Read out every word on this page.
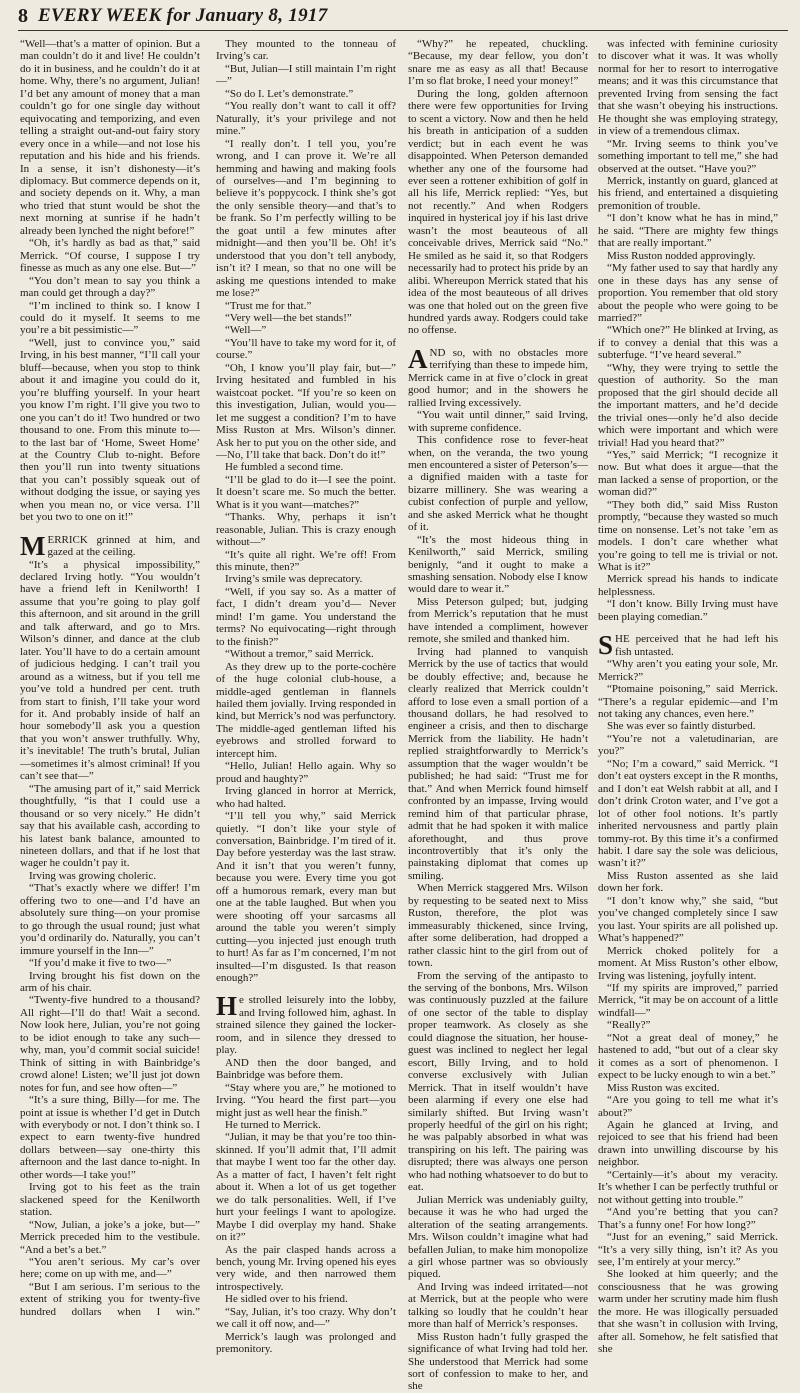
8 EVERY WEEK for January 8, 1917

“Well—that’s a matter of opinion. But a man couldn’t do it and live! He couldn’t do it in business, and he couldn’t do it at home. Why, there’s no argument, Julian! I’d bet any amount of money that a man couldn’t go for one single day without equivocating and temporizing, and even telling a straight out-and-out fairy story every once in a while—and not lose his reputation and his hide and his friends. In a sense, it isn’t dishonesty—it’s diplomacy. But commerce depends on it, and society depends on it. Why, a man who tried that stunt would be shot the next morning at sunrise if he hadn’t already been lynched the night before!”

“Oh, it’s hardly as bad as that,” said Merrick. “Of course, I suppose I try finesse as much as any one else. But—”

“You don’t mean to say you think a man could get through a day?”

“I’m inclined to think so. I know I could do it myself. It seems to me you’re a bit pessimistic—”

“Well, just to convince you,” said Irving, in his best manner, “I’ll call your bluff—because, when you stop to think about it and imagine you could do it, you’re bluffing yourself. In your heart you know I’m right. I’ll give you two to one you can’t do it! Two hundred or two thousand to one. From this minute to—to the last bar of ‘Home, Sweet Home’ at the Country Club to-night. Before then you’ll run into twenty situations that you can’t possibly squeak out of without dodging the issue, or saying yes when you mean no, or vice versa. I’ll bet you two to one on it!”

MERRICK grinned at him, and gazed at the ceiling.

“It’s a physical impossibility,” declared Irving hotly. “You wouldn’t have a friend left in Kenilworth! I assume that you’re going to play golf this afternoon, and sit around in the grill and talk afterward, and go to Mrs. Wilson’s dinner, and dance at the club later. You’ll have to do a certain amount of judicious hedging. I can’t trail you around as a witness, but if you tell me you’ve told a hundred per cent. truth from start to finish, I’ll take your word for it. And probably inside of half an hour somebody’ll ask you a question that you won’t answer truthfully. Why, it’s inevitable! The truth’s brutal, Julian—sometimes it’s almost criminal! If you can’t see that—”

“The amusing part of it,” said Merrick thoughtfully, “is that I could use a thousand or so very nicely.” He didn’t say that his available cash, according to his latest bank balance, amounted to nineteen dollars, and that if he lost that wager he couldn’t pay it.

Irving was growing choleric.

“That’s exactly where we differ! I’m offering two to one—and I’d have an absolutely sure thing—on your promise to go through the usual round; just what you’d ordinarily do. Naturally, you can’t immure yourself in the Inn—”

“If you’d make it five to two—”

Irving brought his fist down on the arm of his chair.

“Twenty-five hundred to a thousand? All right—I’ll do that! Wait a second. Now look here, Julian, you’re not going to be idiot enough to take any such—why, man, you’d commit social suicide! Think of sitting in with Bainbridge’s crowd alone! Listen; we’ll just jot down notes for fun, and see how often—”

“It’s a sure thing, Billy—for me. The point at issue is whether I’d get in Dutch with everybody or not. I don’t think so. I expect to earn twenty-five hundred dollars between—say one-thirty this afternoon and the last dance to-night. In other words—I take you!”

Irving got to his feet as the train slackened speed for the Kenilworth station.

“Now, Julian, a joke’s a joke, but—” Merrick preceded him to the vestibule. “And a bet’s a bet.”

“You aren’t serious. My car’s over here; come on up with me, and—”

“But I am serious. I’m serious to the extent of striking you for twenty-five hundred dollars when I win.”

They mounted to the tonneau of Irving’s car.

“But, Julian—I still maintain I’m right—”

“So do I. Let’s demonstrate.”

“You really don’t want to call it off? Naturally, it’s your privilege and not mine.”

“I really don’t. I tell you, you’re wrong, and I can prove it. We’re all hemming and hawing and making fools of ourselves—and I’m beginning to believe it’s poppycock. I think she’s got the only sensible theory—and that’s to be frank. So I’m perfectly willing to be the goat until a few minutes after midnight—and then you’ll be. Oh! it’s understood that you don’t tell anybody, isn’t it? I mean, so that no one will be asking me questions intended to make me lose?”

“Trust me for that.”

“Very well—the bet stands!”

“Well—”

“You’ll have to take my word for it, of course.”

“Oh, I know you’ll play fair, but—” Irving hesitated and fumbled in his waistcoat pocket. “If you’re so keen on this investigation, Julian, would you—let me suggest a condition? I’m to have Miss Ruston at Mrs. Wilson’s dinner. Ask her to put you on the other side, and—No, I’ll take that back. Don’t do it!”

He fumbled a second time.

“I’ll be glad to do it—I see the point. It doesn’t scare me. So much the better. What is it you want—matches?”

“Thanks. Why, perhaps it isn’t reasonable, Julian. This is crazy enough without—”

“It’s quite all right. We’re off! From this minute, then?”

Irving’s smile was deprecatory.

“Well, if you say so. As a matter of fact, I didn’t dream you’d— Never mind! I’m game. You understand the terms? No equivocating—right through to the finish?”

“Without a tremor,” said Merrick.

As they drew up to the porte-cochère of the huge colonial club-house, a middle-aged gentleman in flannels hailed them jovially. Irving responded in kind, but Merrick’s nod was perfunctory. The middle-aged gentleman lifted his eyebrows and strolled forward to intercept him.

“Hello, Julian! Hello again. Why so proud and haughty?”

Irving glanced in horror at Merrick, who had halted.

“I’ll tell you why,” said Merrick quietly. “I don’t like your style of conversation, Bainbridge. I’m tired of it. Day before yesterday was the last straw. And it isn’t that you weren’t funny, because you were. Every time you got off a humorous remark, every man but one at the table laughed. But when you were shooting off your sarcasms all around the table you weren’t simply cutting—you injected just enough truth to hurt! As far as I’m concerned, I’m not insulted—I’m disgusted. Is that reason enough?”

He strolled leisurely into the lobby, and Irving followed him, aghast. In strained silence they gained the locker-room, and in silence they dressed to play.

AND then the door banged, and Bainbridge was before them.

“Stay where you are,” he motioned to Irving. “You heard the first part—you might just as well hear the finish.”

He turned to Merrick.

“Julian, it may be that you’re too thin-skinned. If you’ll admit that, I’ll admit that maybe I went too far the other day. As a matter of fact, I haven’t felt right about it. When a lot of us get together we do talk personalities. Well, if I’ve hurt your feelings I want to apologize. Maybe I did overplay my hand. Shake on it?”

As the pair clasped hands across a bench, young Mr. Irving opened his eyes very wide, and then narrowed them introspectively.

He sidled over to his friend.

“Say, Julian, it’s too crazy. Why don’t we call it off now, and—”

Merrick’s laugh was prolonged and premonitory.

“Why?” he repeated, chuckling. “Because, my dear fellow, you don’t snare me as easy as all that! Because I’m so flat broke, I need your money!”

During the long, golden afternoon there were few opportunities for Irving to scent a victory. Now and then he held his breath in anticipation of a sudden verdict; but in each event he was disappointed. When Peterson demanded whether any one of the foursome had ever seen a rottener exhibition of golf in all his life, Merrick replied: “Yes, but not recently.” And when Rodgers inquired in hysterical joy if his last drive wasn’t the most beauteous of all conceivable drives, Merrick said “No.” He smiled as he said it, so that Rodgers necessarily had to protect his pride by an alibi. Whereupon Merrick stated that his idea of the most beauteous of all drives was one that holed out on the green five hundred yards away. Rodgers could take no offense.

AND so, with no obstacles more terrifying than these to impede him, Merrick came in at five o’clock in great good humor; and in the showers he rallied Irving excessively.

“You wait until dinner,” said Irving, with supreme confidence.

This confidence rose to fever-heat when, on the veranda, the two young men encountered a sister of Peterson’s—a dignified maiden with a taste for bizarre millinery. She was wearing a cubist confection of purple and yellow, and she asked Merrick what he thought of it.

“It’s the most hideous thing in Kenilworth,” said Merrick, smiling benignly, “and it ought to make a smashing sensation. Nobody else I know would dare to wear it.”

Miss Peterson gulped; but, judging from Merrick’s reputation that he must have intended a compliment, however remote, she smiled and thanked him.

Irving had planned to vanquish Merrick by the use of tactics that would be doubly effective; and, because he clearly realized that Merrick couldn’t afford to lose even a small portion of a thousand dollars, he had resolved to engineer a crisis, and then to discharge Merrick from the liability. He hadn’t replied straightforwardly to Merrick’s assumption that the wager wouldn’t be published; he had said: “Trust me for that.” And when Merrick found himself confronted by an impasse, Irving would remind him of that particular phrase, admit that he had spoken it with malice aforethought, and thus prove incontrovertibly that it’s only the painstaking diplomat that comes up smiling.

When Merrick staggered Mrs. Wilson by requesting to be seated next to Miss Ruston, therefore, the plot was immeasurably thickened, since Irving, after some deliberation, had dropped a rather classic hint to the girl from out of town.

From the serving of the antipasto to the serving of the bonbons, Mrs. Wilson was continuously puzzled at the failure of one sector of the table to display proper teamwork. As closely as she could diagnose the situation, her house-guest was inclined to neglect her legal escort, Billy Irving, and to hold converse exclusively with Julian Merrick. That in itself wouldn’t have been alarming if every one else had similarly shifted. But Irving wasn’t properly heedful of the girl on his right; he was palpably absorbed in what was transpiring on his left. The pairing was disrupted; there was always one person who had nothing whatsoever to do but to eat.

Julian Merrick was undeniably guilty, because it was he who had urged the alteration of the seating arrangements. Mrs. Wilson couldn’t imagine what had befallen Julian, to make him monopolize a girl whose partner was so obviously piqued.

And Irving was indeed irritated—not at Merrick, but at the people who were talking so loudly that he couldn’t hear more than half of Merrick’s responses.

Miss Ruston hadn’t fully grasped the significance of what Irving had told her. She understood that Merrick had some sort of confession to make to her, and she

was infected with feminine curiosity to discover what it was. It was wholly normal for her to resort to interrogative means; and it was this circumstance that prevented Irving from sensing the fact that she wasn’t obeying his instructions. He thought she was employing strategy, in view of a tremendous climax.

“Mr. Irving seems to think you’ve something important to tell me,” she had observed at the outset. “Have you?”

Merrick, instantly on guard, glanced at his friend, and entertained a disquieting premonition of trouble.

“I don’t know what he has in mind,” he said. “There are mighty few things that are really important.”

Miss Ruston nodded approvingly.

“My father used to say that hardly any one in these days has any sense of proportion. You remember that old story about the people who were going to be married?”

“Which one?” He blinked at Irving, as if to convey a denial that this was a subterfuge. “I’ve heard several.”

“Why, they were trying to settle the question of authority. So the man proposed that the girl should decide all the important matters, and he’d decide the trivial ones—only he’d also decide which were important and which were trivial! Had you heard that?”

“Yes,” said Merrick; “I recognize it now. But what does it argue—that the man lacked a sense of proportion, or the woman did?”

“They both did,” said Miss Ruston promptly, “because they wasted so much time on nonsense. Let’s not take ’em as models. I don’t care whether what you’re going to tell me is trivial or not. What is it?”

Merrick spread his hands to indicate helplessness.

“I don’t know. Billy Irving must have been playing comedian.”

SHE perceived that he had left his fish untasted.

“Why aren’t you eating your sole, Mr. Merrick?”

“Ptomaine poisoning,” said Merrick. “There’s a regular epidemic—and I’m not taking any chances, even here.”

She was ever so faintly disturbed.

“You’re not a valetudinarian, are you?”

“No; I’m a coward,” said Merrick. “I don’t eat oysters except in the R months, and I don’t eat Welsh rabbit at all, and I don’t drink Croton water, and I’ve got a lot of other fool notions. It’s partly inherited nervousness and partly plain tommy-rot. By this time it’s a confirmed habit. I dare say the sole was delicious, wasn’t it?”

Miss Ruston assented as she laid down her fork.

“I don’t know why,” she said, “but you’ve changed completely since I saw you last. Your spirits are all polished up. What’s happened?”

Merrick choked politely for a moment. At Miss Ruston’s other elbow, Irving was listening, joyfully intent.

“If my spirits are improved,” parried Merrick, “it may be on account of a little windfall—”

“Really?”

“Not a great deal of money,” he hastened to add, “but out of a clear sky it comes as a sort of phenomenon. I expect to be lucky enough to win a bet.”

Miss Ruston was excited.

“Are you going to tell me what it’s about?”

Again he glanced at Irving, and rejoiced to see that his friend had been drawn into unwilling discourse by his neighbor.

“Certainly—it’s about my veracity. It’s whether I can be perfectly truthful or not without getting into trouble.”

“And you’re betting that you can? That’s a funny one! For how long?”

“Just for an evening,” said Merrick. “It’s a very silly thing, isn’t it? As you see, I’m entirely at your mercy.”

She looked at him queerly; and the consciousness that he was growing warm under her scrutiny made him flush the more. He was illogically persuaded that she wasn’t in collusion with Irving, after all. Somehow, he felt satisfied that she
